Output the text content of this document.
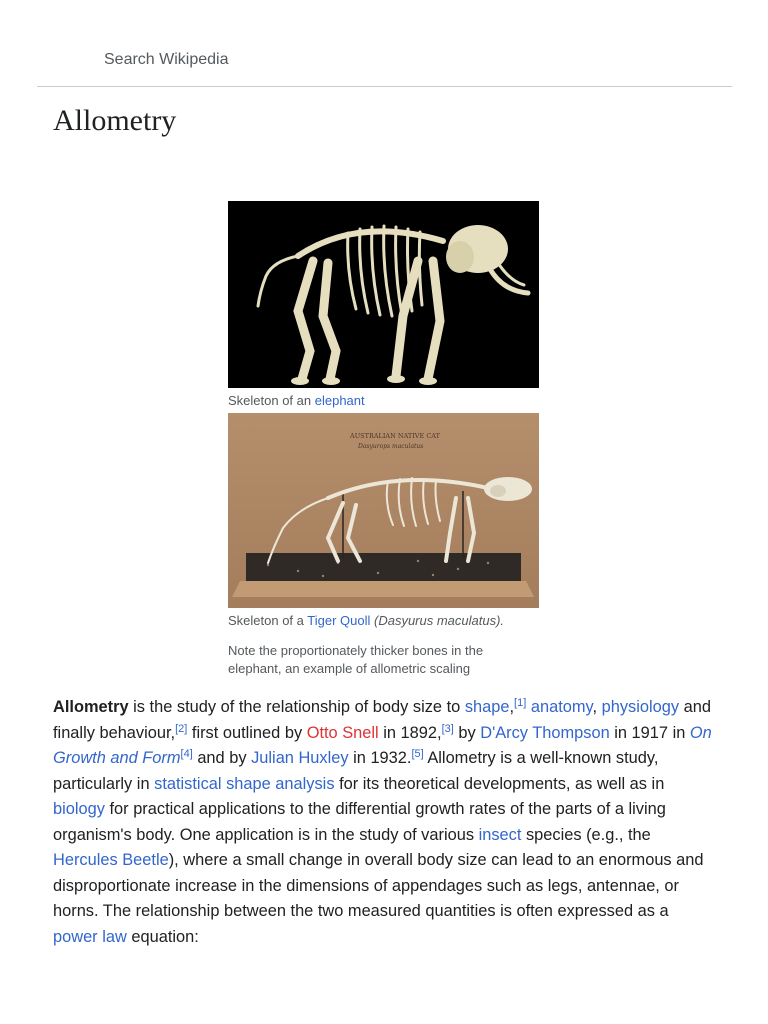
Search Wikipedia
Allometry
Skeleton of an elephant
AUSTRALIAN NATIVE CAT
Dasyurops maculatus
Skeleton of a Tiger Quoll (Dasyurus maculatus).
Note the proportionately thicker bones in the elephant, an example of allometric scaling

Allometry is the study of the relationship of body size to shape,[1] anatomy, physiology and finally behaviour,[2] first outlined by Otto Snell in 1892,[3] by D'Arcy Thompson in 1917 in On Growth and Form[4] and by Julian Huxley in 1932.[5] Allometry is a well-known study, particularly in statistical shape analysis for its theoretical developments, as well as in biology for practical applications to the differential growth rates of the parts of a living organism's body. One application is in the study of various insect species (e.g., the Hercules Beetle), where a small change in overall body size can lead to an enormous and disproportionate increase in the dimensions of appendages such as legs, antennae, or horns. The relationship between the two measured quantities is often expressed as a power law equation:
